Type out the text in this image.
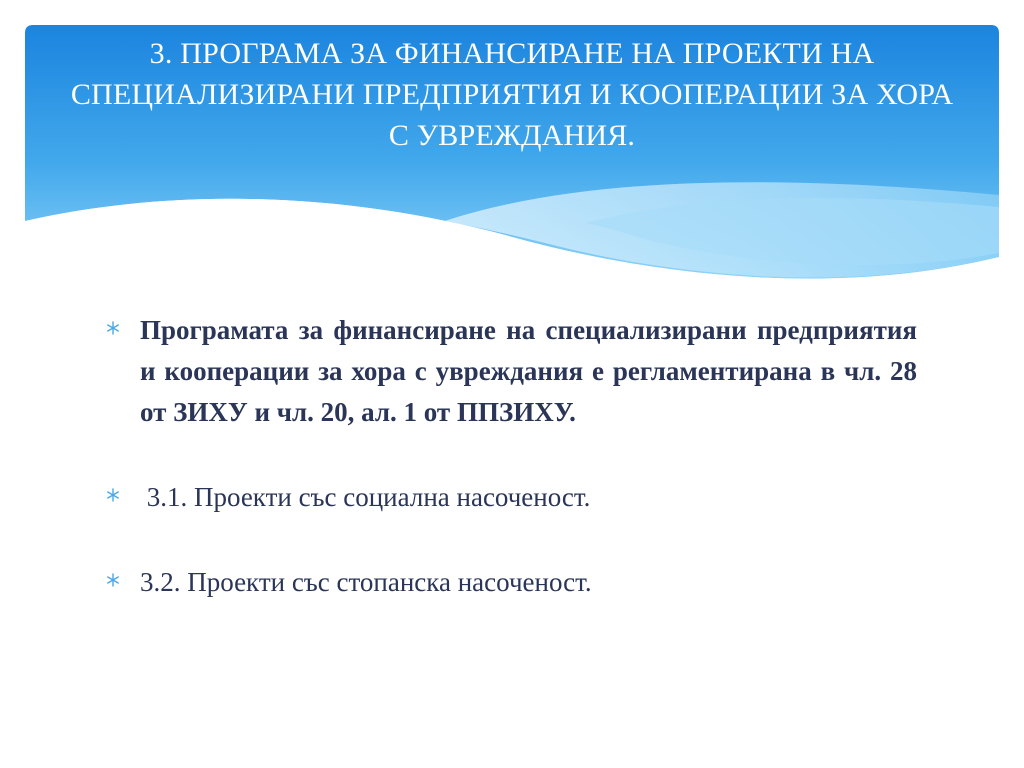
3. ПРОГРАМА ЗА ФИНАНСИРАНЕ НА ПРОЕКТИ НА СПЕЦИАЛИЗИРАНИ ПРЕДПРИЯТИЯ И КООПЕРАЦИИ ЗА ХОРА С УВРЕЖДАНИЯ.
Програмата за финансиране на специализирани предприятия и кооперации за хора с увреждания е регламентирана в чл. 28 от ЗИХУ и чл. 20, ал. 1 от ППЗИХУ.
3.1. Проекти със социална насоченост.
3.2. Проекти със стопанска насоченост.
